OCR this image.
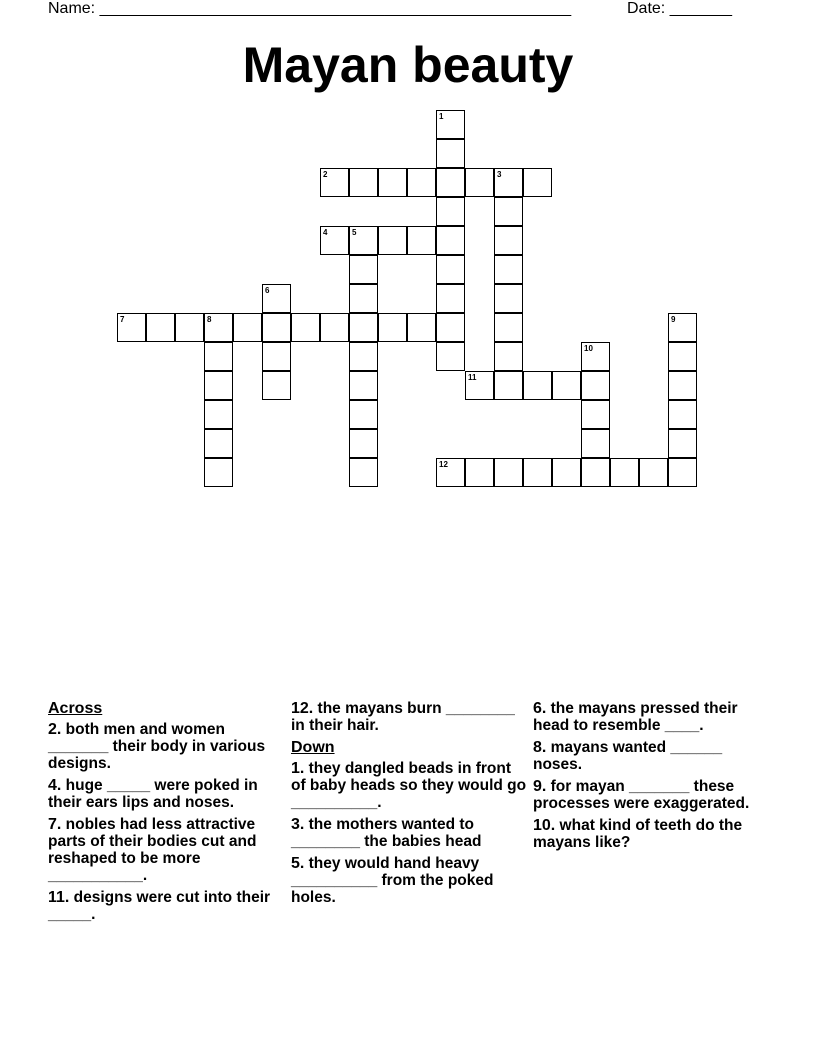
Name: _____________________________________________________	Date: _______
Mayan beauty
1
2	3
4	5
6
7	8	9
10
11
12
Across
2. both men and women _______ their body in various designs.
4. huge _____ were poked in their ears lips and noses.
7. nobles had less attractive parts of their bodies cut and reshaped to be more ___________.
11. designs were cut into their _____.
12. the mayans burn ________ in their hair.
Down
1. they dangled beads in front of baby heads so they would go __________.
3. the mothers wanted to ________ the babies head
5. they would hand heavy __________ from the poked holes.
6. the mayans pressed their head to resemble ____.
8. mayans wanted ______ noses.
9. for mayan _______ these processes were exaggerated.
10. what kind of teeth do the mayans like?
